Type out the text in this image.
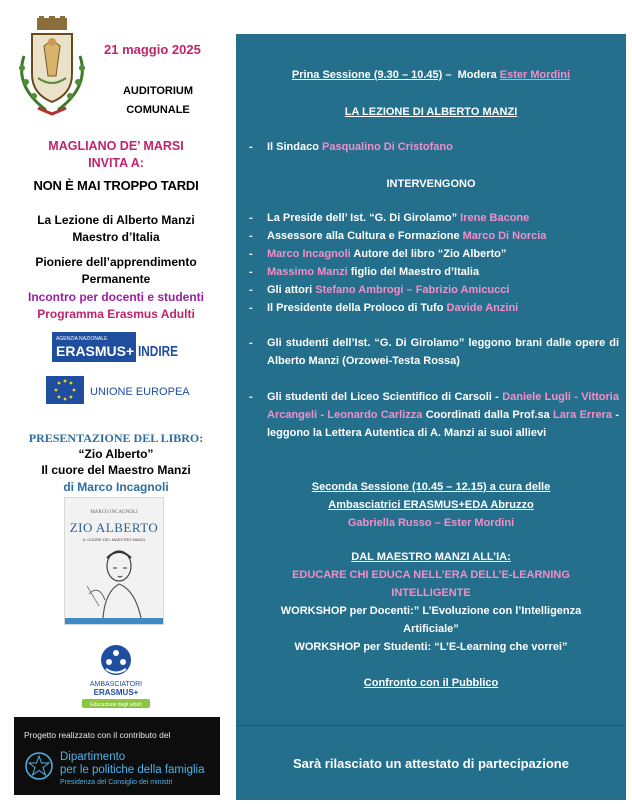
21 maggio 2025
AUDITORIUM
COMUNALE
MAGLIANO DE’ MARSI
INVITA A:
NON È MAI TROPPO TARDI
La Lezione di Alberto Manzi
Maestro d’Italia
Pioniere dell’apprendimento
Permanente
Incontro per docenti e studenti
Programma Erasmus Adulti
AGENZIA NAZIONALE
ERASMUS+ INDIRE
UNIONE EUROPEA
PRESENTAZIONE DEL LIBRO:
“Zio Alberto”
Il cuore del Maestro Manzi
di Marco Incagnoli
MARCO INCAGNOLI
ZIO ALBERTO
IL CUORE DEL MAESTRO MANZI
AMBASCIATORI
ERASMUS+
Educazione degli adulti
Progetto realizzato con il contributo del
Dipartimento
per le politiche della famiglia
Presidenza del Consiglio dei ministri
Prina Sessione (9.30 – 10.45) –  Modera Ester Mordini
LA LEZIONE DI ALBERTO MANZI
-	Il Sindaco Pasqualino Di Cristofano
INTERVENGONO
-	La Preside dell’ Ist. “G. Di Girolamo” Irene Bacone
-	Assessore alla Cultura e Formazione Marco Di Norcia
-	Marco Incagnoli Autore del libro “Zio Alberto”
-	Massimo Manzi figlio del Maestro d’Italia
-	Gli attori Stefano Ambrogi – Fabrizio Amicucci
-	Il Presidente della Proloco di Tufo Davide Anzini
-	Gli studenti dell’Ist. “G. Di Girolamo” leggono brani dalle opere di Alberto Manzi (Orzowei-Testa Rossa)
-	Gli studenti del Liceo Scientifico di Carsoli - Daniele Lugli - Vittoria Arcangeli - Leonardo Carlizza Coordinati dalla Prof.sa Lara Errera - leggono la Lettera Autentica di A. Manzi ai suoi allievi
Seconda Sessione (10.45 – 12.15) a cura delle
Ambasciatrici ERASMUS+EDA Abruzzo
Gabriella Russo – Ester Mordini
DAL MAESTRO MANZI ALL’IA:
EDUCARE CHI EDUCA NELL’ERA DELL’E-LEARNING
INTELLIGENTE
WORKSHOP per Docenti:” L’Evoluzione con l’Intelligenza
Artificiale”
WORKSHOP per Studenti: “L’E-Learning che vorrei”
Confronto con il Pubblico
Sarà rilasciato un attestato di partecipazione
